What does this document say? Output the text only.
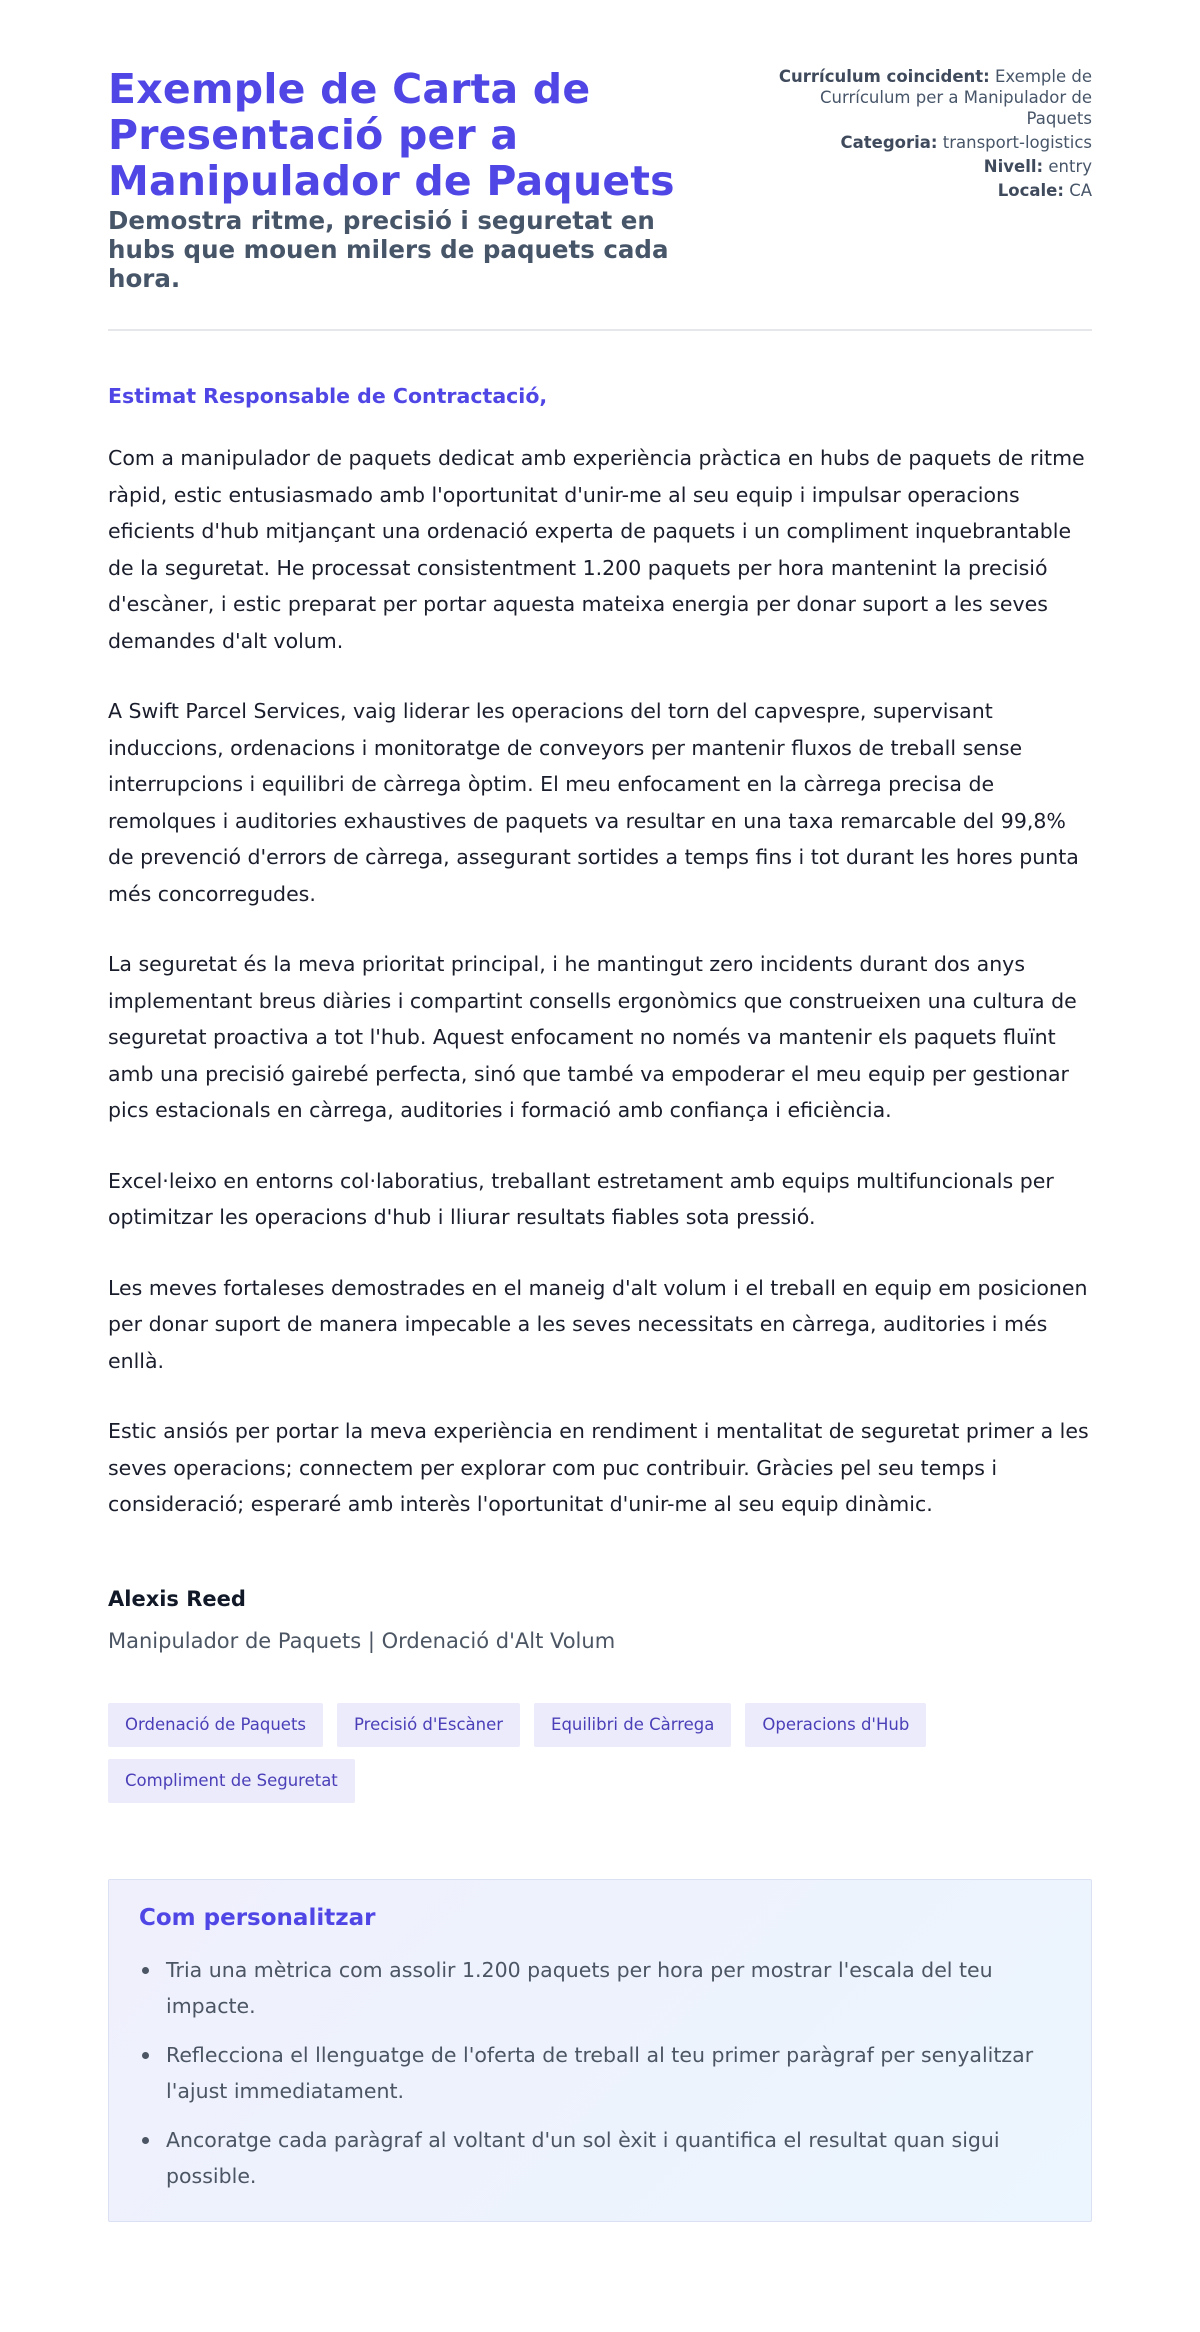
Exemple de Carta de Presentació per a Manipulador de Paquets
Demostra ritme, precisió i seguretat en hubs que mouen milers de paquets cada hora.
Currículum coincident: Exemple de Currículum per a Manipulador de Paquets
Categoria: transport-logistics
Nivell: entry
Locale: CA

Estimat Responsable de Contractació,

Com a manipulador de paquets dedicat amb experiència pràctica en hubs de paquets de ritme ràpid, estic entusiasmado amb l'oportunitat d'unir-me al seu equip i impulsar operacions eficients d'hub mitjançant una ordenació experta de paquets i un compliment inquebrantable de la seguretat. He processat consistentment 1.200 paquets per hora mantenint la precisió d'escàner, i estic preparat per portar aquesta mateixa energia per donar suport a les seves demandes d'alt volum.

A Swift Parcel Services, vaig liderar les operacions del torn del capvespre, supervisant induccions, ordenacions i monitoratge de conveyors per mantenir fluxos de treball sense interrupcions i equilibri de càrrega òptim. El meu enfocament en la càrrega precisa de remolques i auditories exhaustives de paquets va resultar en una taxa remarcable del 99,8% de prevenció d'errors de càrrega, assegurant sortides a temps fins i tot durant les hores punta més concorregudes.

La seguretat és la meva prioritat principal, i he mantingut zero incidents durant dos anys implementant breus diàries i compartint consells ergonòmics que construeixen una cultura de seguretat proactiva a tot l'hub. Aquest enfocament no només va mantenir els paquets fluïnt amb una precisió gairebé perfecta, sinó que també va empoderar el meu equip per gestionar pics estacionals en càrrega, auditories i formació amb confiança i eficiència.

Excel·leixo en entorns col·laboratius, treballant estretament amb equips multifuncionals per optimitzar les operacions d'hub i lliurar resultats fiables sota pressió.

Les meves fortaleses demostrades en el maneig d'alt volum i el treball en equip em posicionen per donar suport de manera impecable a les seves necessitats en càrrega, auditories i més enllà.

Estic ansiós per portar la meva experiència en rendiment i mentalitat de seguretat primer a les seves operacions; connectem per explorar com puc contribuir. Gràcies pel seu temps i consideració; esperaré amb interès l'oportunitat d'unir-me al seu equip dinàmic.

Alexis Reed
Manipulador de Paquets | Ordenació d'Alt Volum
Ordenació de Paquets	Precisió d'Escàner	Equilibri de Càrrega	Operacions d'Hub
Compliment de Seguretat
Com personalitzar
Tria una mètrica com assolir 1.200 paquets per hora per mostrar l'escala del teu impacte.
Reflecciona el llenguatge de l'oferta de treball al teu primer paràgraf per senyalitzar l'ajust immediatament.
Ancoratge cada paràgraf al voltant d'un sol èxit i quantifica el resultat quan sigui possible.
